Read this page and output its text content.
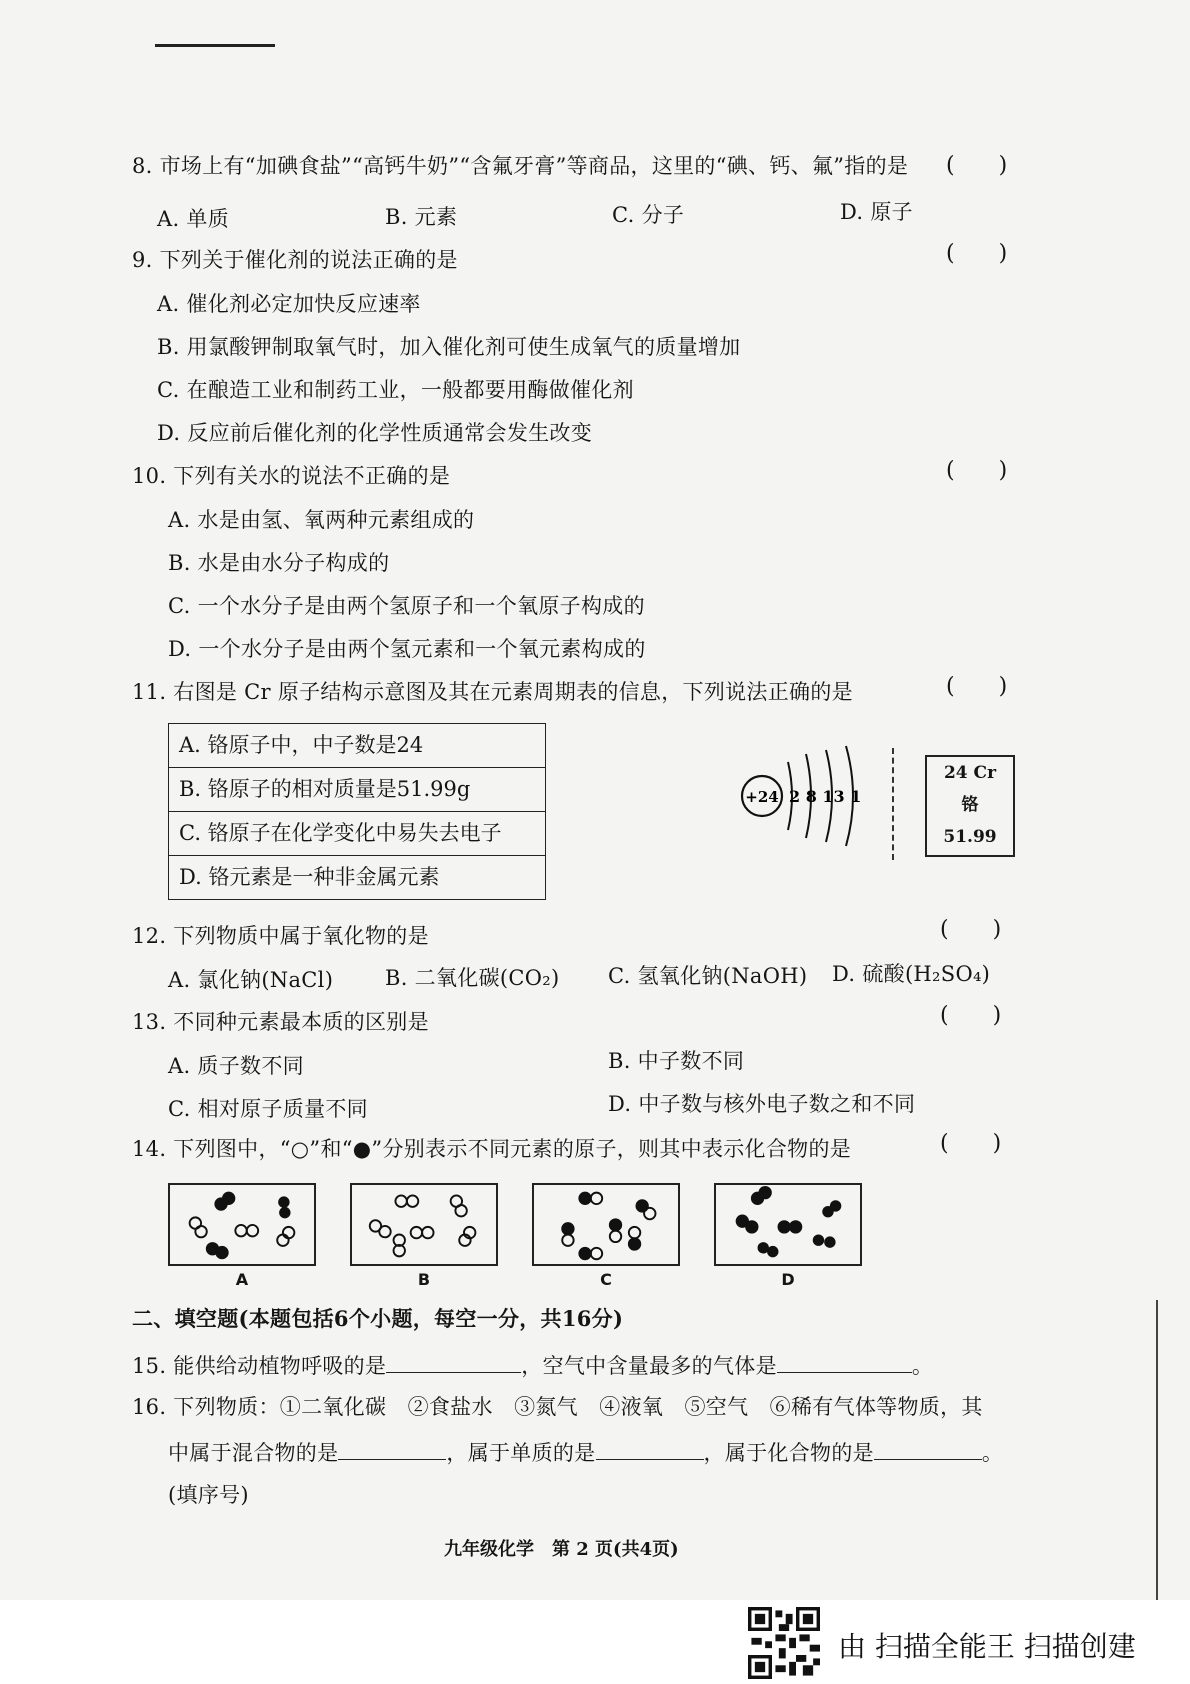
8. 市场上有“加碘食盐”“高钙牛奶”“含氟牙膏”等商品，这里的“碘、钙、氟”指的是 (　　)
A. 单质	B. 元素	C. 分子	D. 原子
9. 下列关于催化剂的说法正确的是	(　　)
A. 催化剂必定加快反应速率
B. 用氯酸钾制取氧气时，加入催化剂可使生成氧气的质量增加
C. 在酿造工业和制药工业，一般都要用酶做催化剂
D. 反应前后催化剂的化学性质通常会发生改变
10. 下列有关水的说法不正确的是	(　　)
A. 水是由氢、氧两种元素组成的
B. 水是由水分子构成的
C. 一个水分子是由两个氢原子和一个氧原子构成的
D. 一个水分子是由两个氢元素和一个氧元素构成的
11. 右图是 Cr 原子结构示意图及其在元素周期表的信息，下列说法正确的是	(　　)
A. 铬原子中，中子数是24
B. 铬原子的相对质量是51.99g
C. 铬原子在化学变化中易失去电子
D. 铬元素是一种非金属元素
+24 2 8 13 1
24 Cr
铬
51.99
12. 下列物质中属于氧化物的是	(　　)
A. 氯化钠(NaCl) B. 二氧化碳(CO₂) C. 氢氧化钠(NaOH) D. 硫酸(H₂SO₄)
13. 不同种元素最本质的区别是	(　　)
A. 质子数不同	B. 中子数不同
C. 相对原子质量不同	D. 中子数与核外电子数之和不同
14. 下列图中，“○”和“●”分别表示不同元素的原子，则其中表示化合物的是	(　　)
A	B	C	D
二、填空题(本题包括6个小题，每空一分，共16分)
15. 能供给动植物呼吸的是	，空气中含量最多的气体是	。
16. 下列物质：①二氧化碳　②食盐水　③氮气　④液氧　⑤空气　⑥稀有气体等物质，其
中属于混合物的是	，属于单质的是	，属于化合物的是	。
(填序号)
九年级化学　第 2 页(共4页)
由 扫描全能王 扫描创建
